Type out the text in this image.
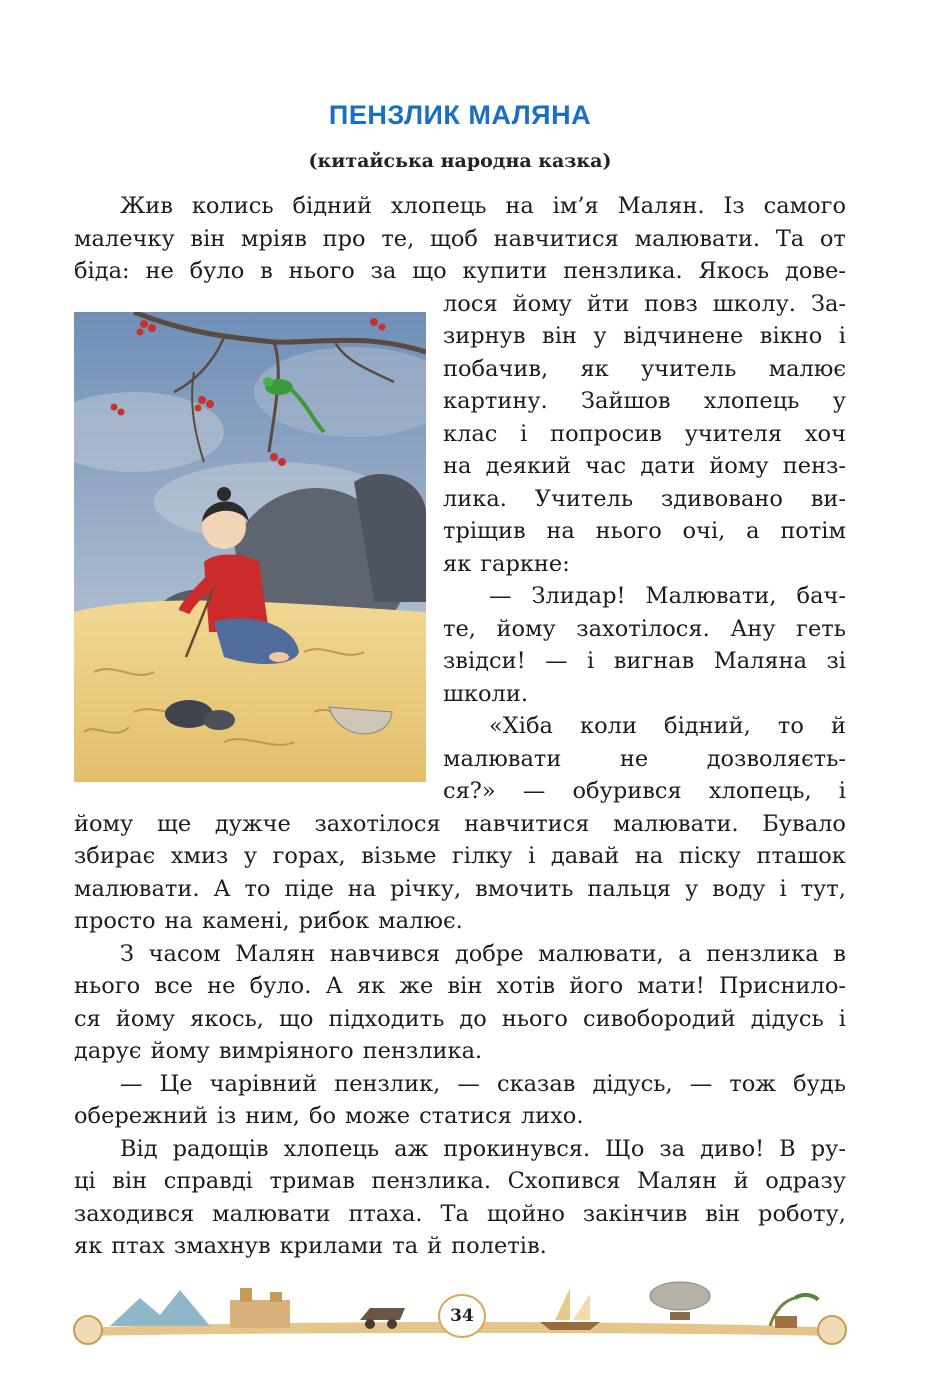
ПЕНЗЛИК МАЛЯНА
(китайська народна казка)
Жив колись бідний хлопець на ім’я Малян. Із самого
малечку він мріяв про те, щоб навчитися малювати. Та от
біда: не було в нього за що купити пензлика. Якось дове-
лося йому йти повз школу. За-
зирнув він у відчинене вікно і
побачив, як учитель малює
картину. Зайшов хлопець у
клас і попросив учителя хоч
на деякий час дати йому пенз-
лика. Учитель здивовано ви-
тріщив на нього очі, а потім
як гаркне:
— Злидар! Малювати, бач-
те, йому захотілося. Ану геть
звідси! — і вигнав Маляна зі
школи.
«Хіба коли бідний, то й
малювати	не	дозволяєть-
ся?» — обурився хлопець, і
йому ще дужче захотілося навчитися малювати. Бувало
збирає хмиз у горах, візьме гілку і давай на піску пташок
малювати. А то піде на річку, вмочить пальця у воду і тут,
просто на камені, рибок малює.
З часом Малян навчився добре малювати, а пензлика в
нього все не було. А як же він хотів його мати! Приснило-
ся йому якось, що підходить до нього сивобородий дідусь і
дарує йому вимріяного пензлика.
— Це чарівний пензлик, — сказав дідусь, — тож будь
обережний із ним, бо може статися лихо.
Від радощів хлопець аж прокинувся. Що за диво! В ру-
ці він справді тримав пензлика. Схопився Малян й одразу
заходився малювати птаха. Та щойно закінчив він роботу,
як птах змахнув крилами та й полетів.
34
